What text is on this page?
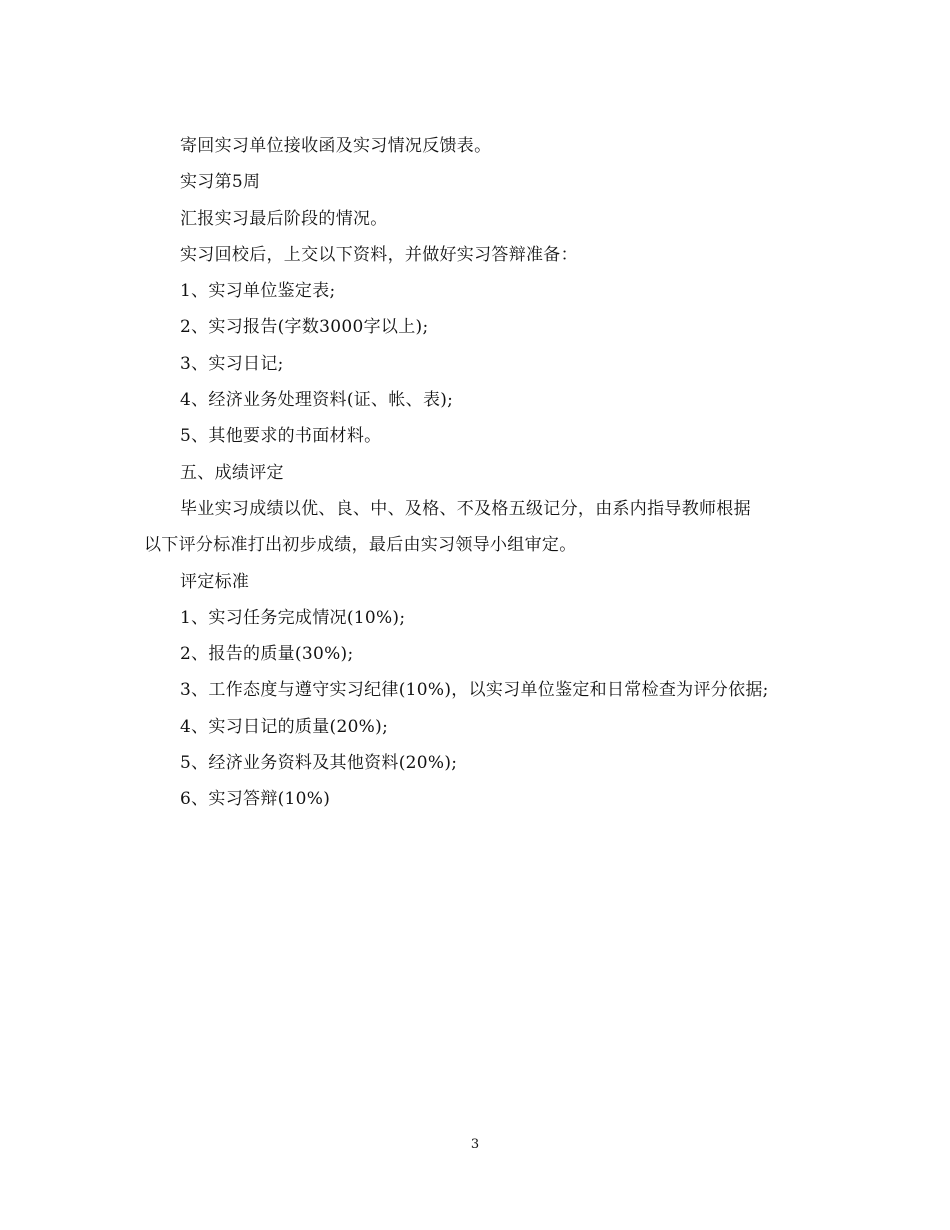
寄回实习单位接收函及实习情况反馈表。

实习第5周

汇报实习最后阶段的情况。

实习回校后，上交以下资料，并做好实习答辩准备：

1、实习单位鉴定表;

2、实习报告(字数3000字以上);

3、实习日记;

4、经济业务处理资料(证、帐、表);

5、其他要求的书面材料。

五、成绩评定

毕业实习成绩以优、良、中、及格、不及格五级记分，由系内指导教师根据

以下评分标准打出初步成绩，最后由实习领导小组审定。

评定标准

1、实习任务完成情况(10%);

2、报告的质量(30%);

3、工作态度与遵守实习纪律(10%)，以实习单位鉴定和日常检查为评分依据;

4、实习日记的质量(20%);

5、经济业务资料及其他资料(20%);

6、实习答辩(10%)

3
